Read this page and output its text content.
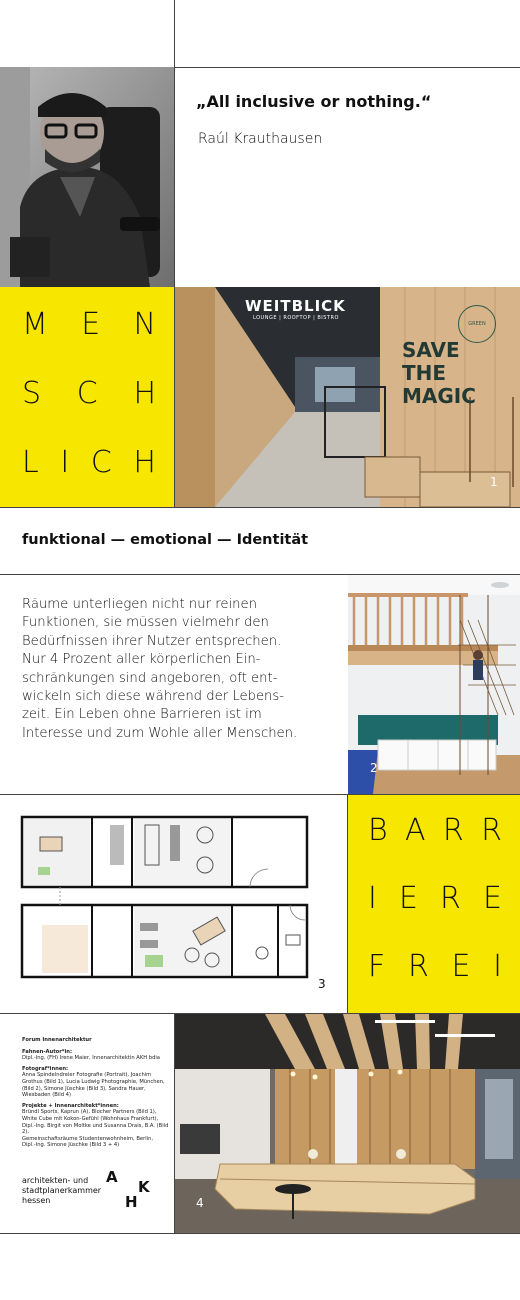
„All inclusive or nothing.“
Raúl Krauthausen
M E N
S C H
L I C H
WEITBLICK
LOUNGE | ROOFTOP | BISTRO
SAVE
THE
MAGIC
GREEN
1
funktional — emotional — Identität
Räume unterliegen nicht nur reinen
Funktionen, sie müssen vielmehr den
Bedürfnissen ihrer Nutzer entsprechen.
Nur 4 Prozent aller körperlichen Ein-
schränkungen sind angeboren, oft ent-
wickeln sich diese während der Lebens-
zeit. Ein Leben ohne Barrieren ist im
Interesse und zum Wohle aller Menschen.
2
3
B A R R
I E R E
F R E I
Forum Innenarchitektur
Fahnen-Autor*in:
Dipl.-Ing. (FH) Irene Maier, Innenarchitektin AKH bdia
Fotograf*innen:
Anna Spindelndreier Fotografie (Portrait), Joachim
Grothus (Bild 1), Lucia Ludwig Photographie, München,
(Bild 2), Simone Jüschke (Bild 3), Sandra Hauer,
Wiesbaden (Bild 4)
Projekte + Innenarchitekt*innen:
Bründl Sports, Kaprun (A), Blocher Partners (Bild 1),
White Cube mit Kokon-Gefühl (Wohnhaus Frankfurt),
Dipl.-Ing. Birgit von Moltke und Susanna Drais, B.A. (Bild 2),
Gemeinschaftsräume Studentenwohnheim, Berlin,
Dipl.-Ing. Simone Jüschke (Bild 3 + 4)
architekten- und
stadtplanerkammer
hessen
A
H
K
4
